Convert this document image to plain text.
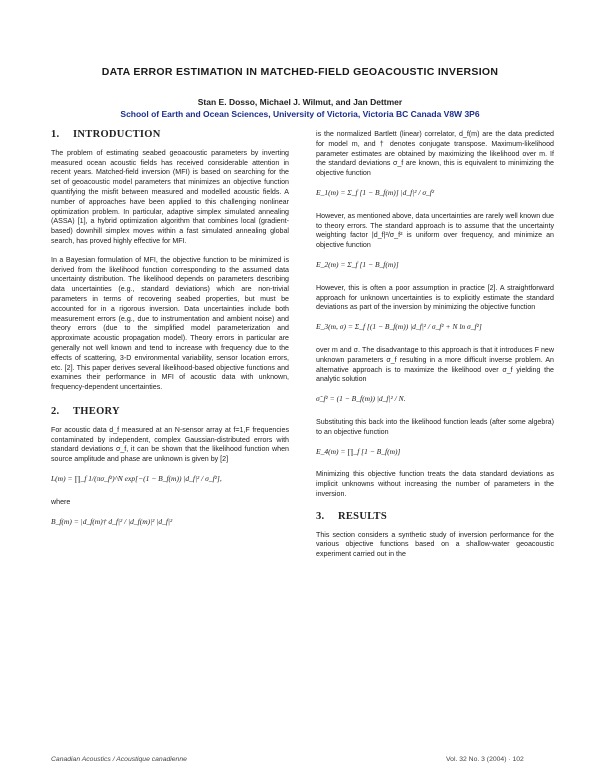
DATA ERROR ESTIMATION IN MATCHED-FIELD GEOACOUSTIC INVERSION
Stan E. Dosso, Michael J. Wilmut, and Jan Dettmer
School of Earth and Ocean Sciences, University of Victoria, Victoria BC Canada V8W 3P6
1. INTRODUCTION

The problem of estimating seabed geoacoustic parameters by inverting measured ocean acoustic fields has received considerable attention in recent years. Matched-field inversion (MFI) is based on searching for the set of geoacoustic model parameters that minimizes an objective function quantifying the misfit between measured and modelled acoustic fields. A number of approaches have been applied to this challenging nonlinear optimization problem. In particular, adaptive simplex simulated annealing (ASSA) [1], a hybrid optimization algorithm that combines local (gradient-based) downhill simplex moves within a fast simulated annealing global search, has proved highly effective for MFI.

In a Bayesian formulation of MFI, the objective function to be minimized is derived from the likelihood function corresponding to the assumed data uncertainty distribution. The likelihood depends on parameters describing data uncertainties (e.g., standard deviations) which are non-trivial parameters in terms of recovering seabed properties, but must be accounted for in a rigorous inversion. Data uncertainties include both measurement errors (e.g., due to instrumentation and ambient noise) and theory errors (due to the simplified model parameterization and approximate acoustic propagation model). Theory errors in particular are generally not well known and tend to increase with frequency due to the effects of scattering, 3-D environmental variability, sensor location errors, etc. [2]. This paper derives several likelihood-based objective functions and examines their performance in MFI of acoustic data with unknown, frequency-dependent uncertainties.

2. THEORY

For acoustic data d_f measured at an N-sensor array at f=1,F frequencies contaminated by independent, complex Gaussian-distributed errors with standard deviations σ_f, it can be shown that the likelihood function when source amplitude and phase are unknown is given by [2]

L(m) = ∏_f 1/(πσ_f²)^N exp[−(1 − B_f(m)) |d_f|² / σ_f²],

where

B_f(m) = |d_f(m)† d_f|² / |d_f(m)|² |d_f|²

is the normalized Bartlett (linear) correlator, d_f(m) are the data predicted for model m, and † denotes conjugate transpose. Maximum-likelihood parameter estimates are obtained by maximizing the likelihood over m. If the standard deviations σ_f are known, this is equivalent to minimizing the objective function

E_1(m) = Σ_f [1 − B_f(m)] |d_f|² / σ_f²

However, as mentioned above, data uncertainties are rarely well known due to theory errors. The standard approach is to assume that the uncertainty weighting factor |d_f|²/σ_f² is uniform over frequency, and minimize an objective function

E_2(m) = Σ_f [1 − B_f(m)]

However, this is often a poor assumption in practice [2]. A straightforward approach for unknown uncertainties is to explicitly estimate the standard deviations as part of the inversion by minimizing the objective function

E_3(m, σ) = Σ_f [(1 − B_f(m)) |d_f|² / σ_f² + N ln σ_f²]

over m and σ. The disadvantage to this approach is that it introduces F new unknown parameters σ_f resulting in a more difficult inverse problem. An alternative approach is to maximize the likelihood over σ_f yielding the analytic solution

σ̂_f² = (1 − B_f(m)) |d_f|² / N.

Substituting this back into the likelihood function leads (after some algebra) to an objective function

E_4(m) = ∏_f [1 − B_f(m)]

Minimizing this objective function treats the data standard deviations as implicit unknowns without increasing the number of parameters in the inversion.

3. RESULTS

This section considers a synthetic study of inversion performance for the various objective functions based on a shallow-water geoacoustic experiment carried out in the

Canadian Acoustics / Acoustique canadienne	Vol. 32 No. 3 (2004) · 102
